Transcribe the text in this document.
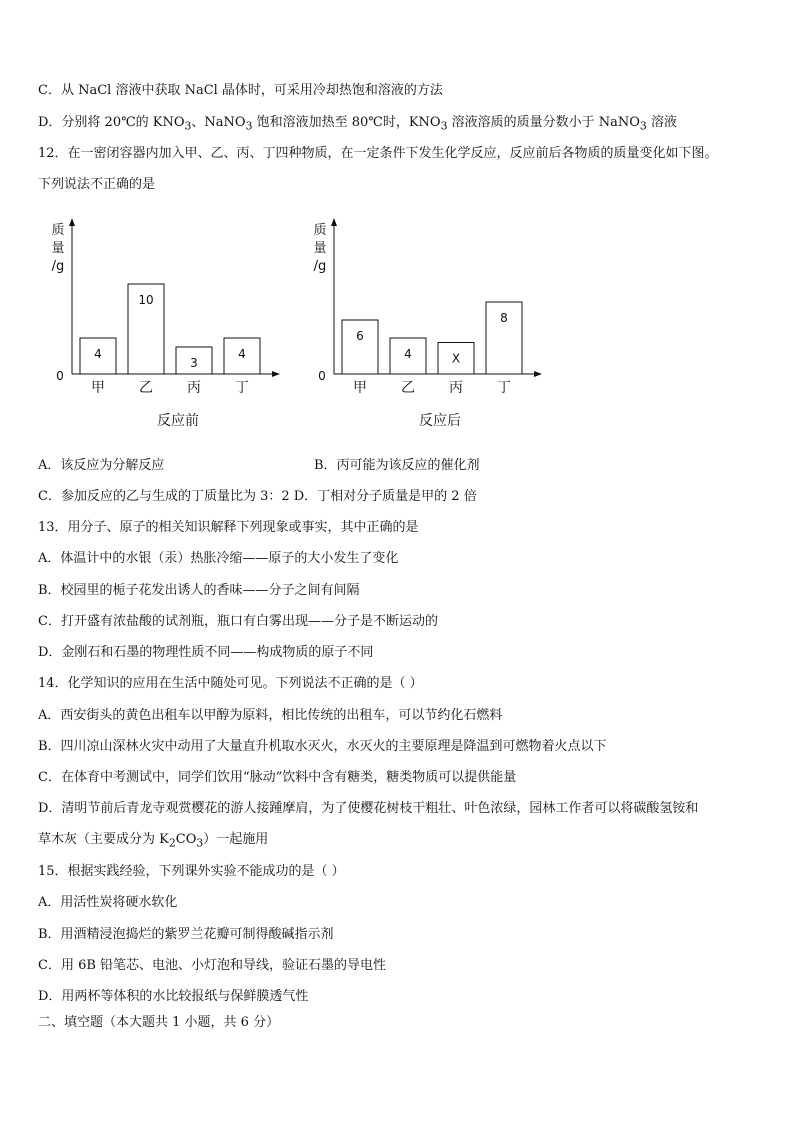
C．从 NaCl 溶液中获取 NaCl 晶体时，可采用冷却热饱和溶液的方法
D．分别将 20℃的 $KNO_3$、NaNO$_3$ 饱和溶液加热至 80℃时，$KNO_3$ 溶液溶质的质量分数小于 NaNO$_3$ 溶液
12．在一密闭容器内加入甲、乙、丙、丁四种物质，在一定条件下发生化学反应，反应前后各物质的质量变化如下图。
下列说法不正确的是
质
量
/g
0
4
甲
10
乙
3
丙
4
丁
反应前
质
量
/g
0
6
甲
4
乙
X
丙
8
丁
反应后
A．该反应为分解反应	B．丙可能为该反应的催化剂
C．参加反应的乙与生成的丁质量比为 3：2 D．丁相对分子质量是甲的 2 倍
13．用分子、原子的相关知识解释下列现象或事实，其中正确的是
A．体温计中的水银（汞）热胀冷缩——原子的大小发生了变化
B．校园里的栀子花发出诱人的香味——分子之间有间隔
C．打开盛有浓盐酸的试剂瓶，瓶口有白雾出现——分子是不断运动的
D．金刚石和石墨的物理性质不同——构成物质的原子不同
14．化学知识的应用在生活中随处可见。下列说法不正确的是（ ）
A．西安街头的黄色出租车以甲醇为原料，相比传统的出租车，可以节约化石燃料
B．四川凉山深林火灾中动用了大量直升机取水灭火，水灭火的主要原理是降温到可燃物着火点以下
C．在体育中考测试中，同学们饮用“脉动”饮料中含有糖类，糖类物质可以提供能量
D．清明节前后青龙寺观赏樱花的游人接踵摩肩，为了使樱花树枝干粗壮、叶色浓绿，园林工作者可以将碳酸氢铵和
草木灰（主要成分为 $K_2CO_3$）一起施用
15．根据实践经验，下列课外实验不能成功的是（ ）
A．用活性炭将硬水软化
B．用酒精浸泡捣烂的紫罗兰花瓣可制得酸碱指示剂
C．用 6B 铅笔芯、电池、小灯泡和导线，验证石墨的导电性
D．用两杯等体积的水比较报纸与保鲜膜透气性
二、填空题（本大题共 1 小题，共 6 分）
